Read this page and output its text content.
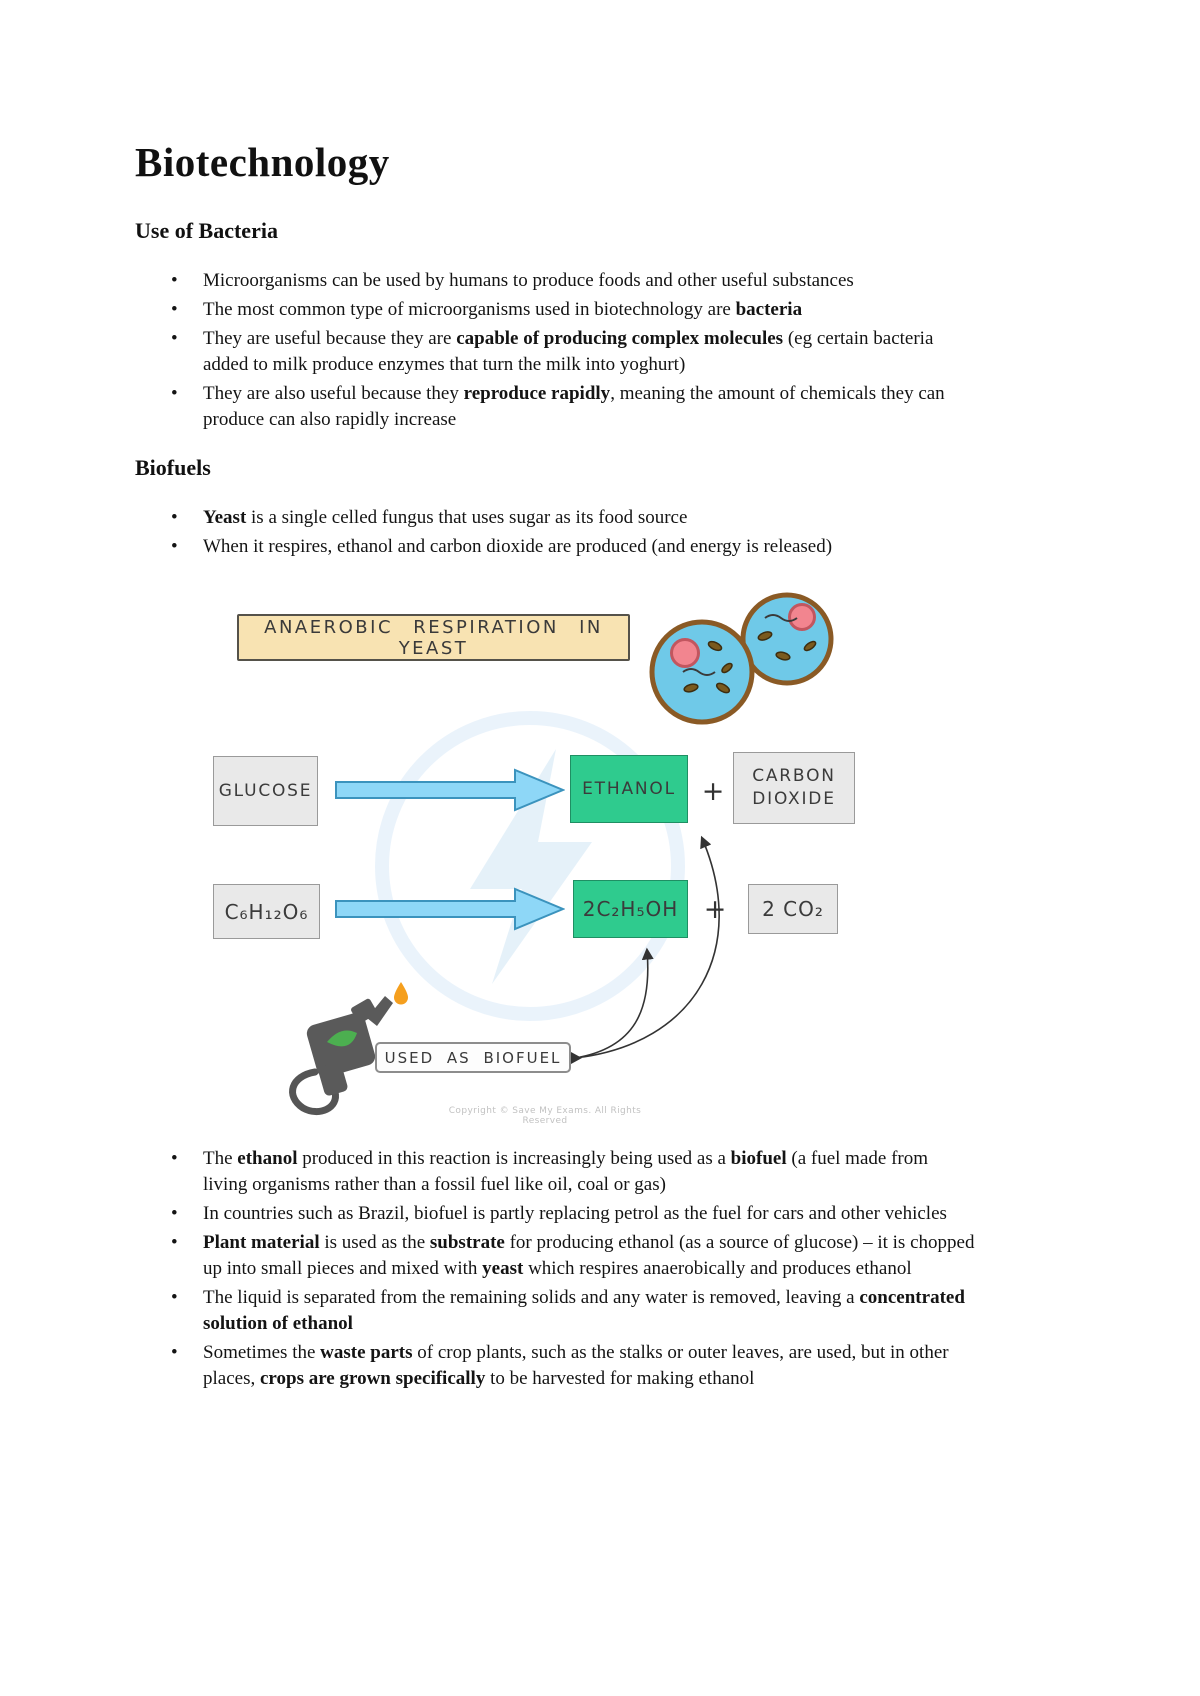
Biotechnology
Use of Bacteria
• Microorganisms can be used by humans to produce foods and other useful substances
• The most common type of microorganisms used in biotechnology are bacteria
• They are useful because they are capable of producing complex molecules (eg certain bacteria added to milk produce enzymes that turn the milk into yoghurt)
• They are also useful because they reproduce rapidly, meaning the amount of chemicals they can produce can also rapidly increase
Biofuels
• Yeast is a single celled fungus that uses sugar as its food source
• When it respires, ethanol and carbon dioxide are produced (and energy is released)
ANAEROBIC RESPIRATION IN YEAST
GLUCOSE	ETHANOL +	CARBON
DIOXIDE
C₆H₁₂O₆	2C₂H₅OH +	2 CO₂
USED AS BIOFUEL
Copyright © Save My Exams. All Rights Reserved
• The ethanol produced in this reaction is increasingly being used as a biofuel (a fuel made from living organisms rather than a fossil fuel like oil, coal or gas)
• In countries such as Brazil, biofuel is partly replacing petrol as the fuel for cars and other vehicles
• Plant material is used as the substrate for producing ethanol (as a source of glucose) – it is chopped up into small pieces and mixed with yeast which respires anaerobically and produces ethanol
• The liquid is separated from the remaining solids and any water is removed, leaving a concentrated solution of ethanol
• Sometimes the waste parts of crop plants, such as the stalks or outer leaves, are used, but in other places, crops are grown specifically to be harvested for making ethanol
